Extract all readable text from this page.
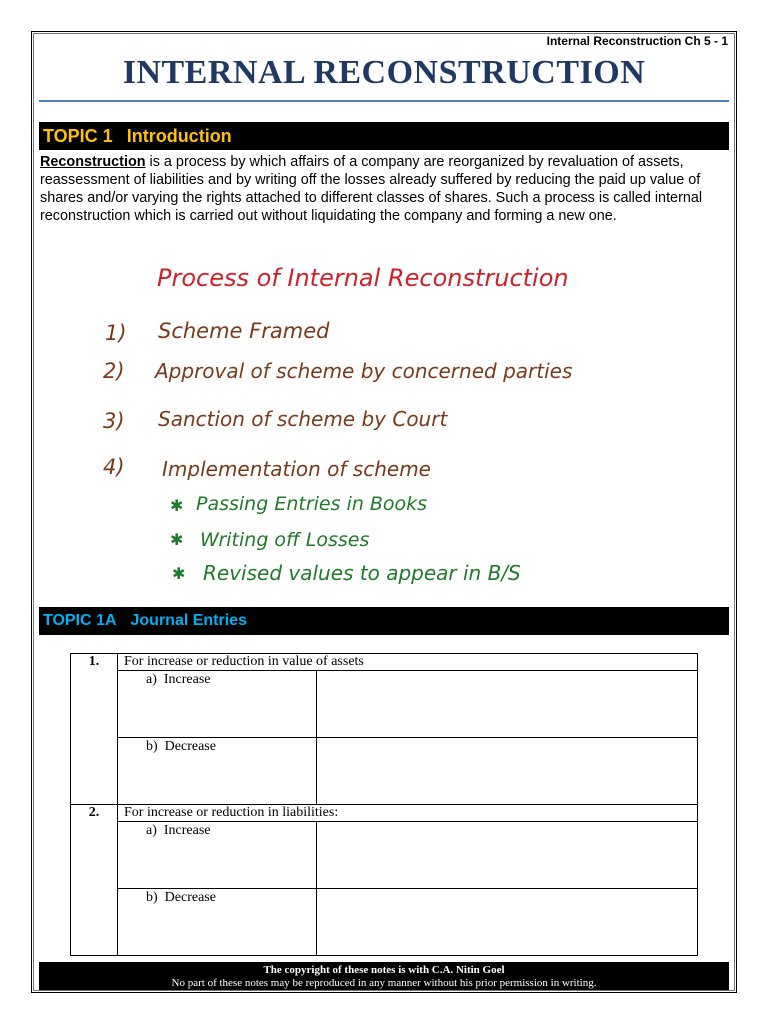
Internal Reconstruction Ch 5 - 1
INTERNAL RECONSTRUCTION
TOPIC 1 Introduction
Reconstruction is a process by which affairs of a company are reorganized by revaluation of assets, reassessment of liabilities and by writing off the losses already suffered by reducing the paid up value of shares and/or varying the rights attached to different classes of shares. Such a process is called internal reconstruction which is carried out without liquidating the company and forming a new one.
Process of Internal Reconstruction
1) Scheme Framed
2) Approval of scheme by concerned parties
3) Sanction of scheme by Court
4) Implementation of scheme
✱ Passing Entries in Books
✱ Writing off Losses
✱ Revised values to appear in B/S
TOPIC 1A Journal Entries
1.	For increase or reduction in value of assets	
	a)  Increase	
	b)  Decrease	
2.	For increase or reduction in liabilities:	
	a)  Increase	
	b)  Decrease	
The copyright of these notes is with C.A. Nitin Goel
No part of these notes may be reproduced in any manner without his prior permission in writing.
